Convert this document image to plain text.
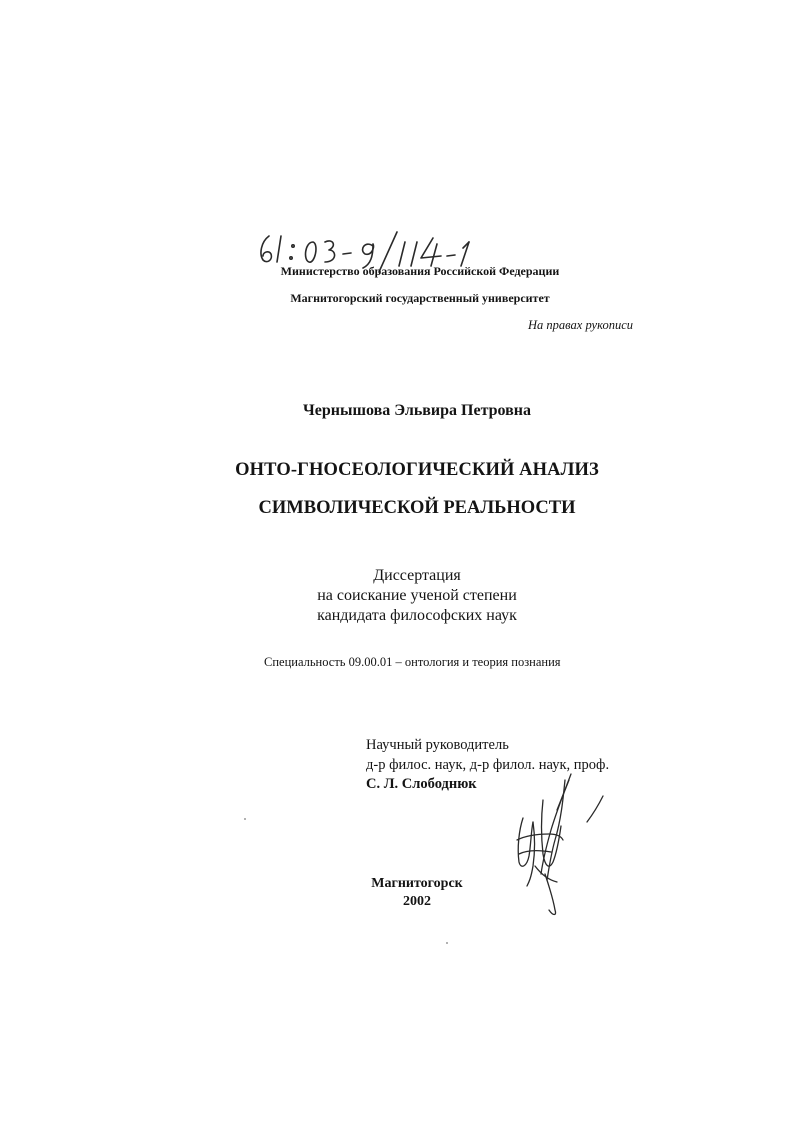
Министерство образования Российской Федерации
Магнитогорский государственный университет
На правах рукописи
Чернышова Эльвира Петровна
ОНТО-ГНОСЕОЛОГИЧЕСКИЙ АНАЛИЗ
СИМВОЛИЧЕСКОЙ РЕАЛЬНОСТИ
Диссертация
на соискание ученой степени
кандидата философских наук
Специальность 09.00.01 – онтология и теория познания
Научный руководитель
д-р филос. наук, д-р филол. наук, проф.
С. Л. Слободнюк
Магнитогорск
2002
